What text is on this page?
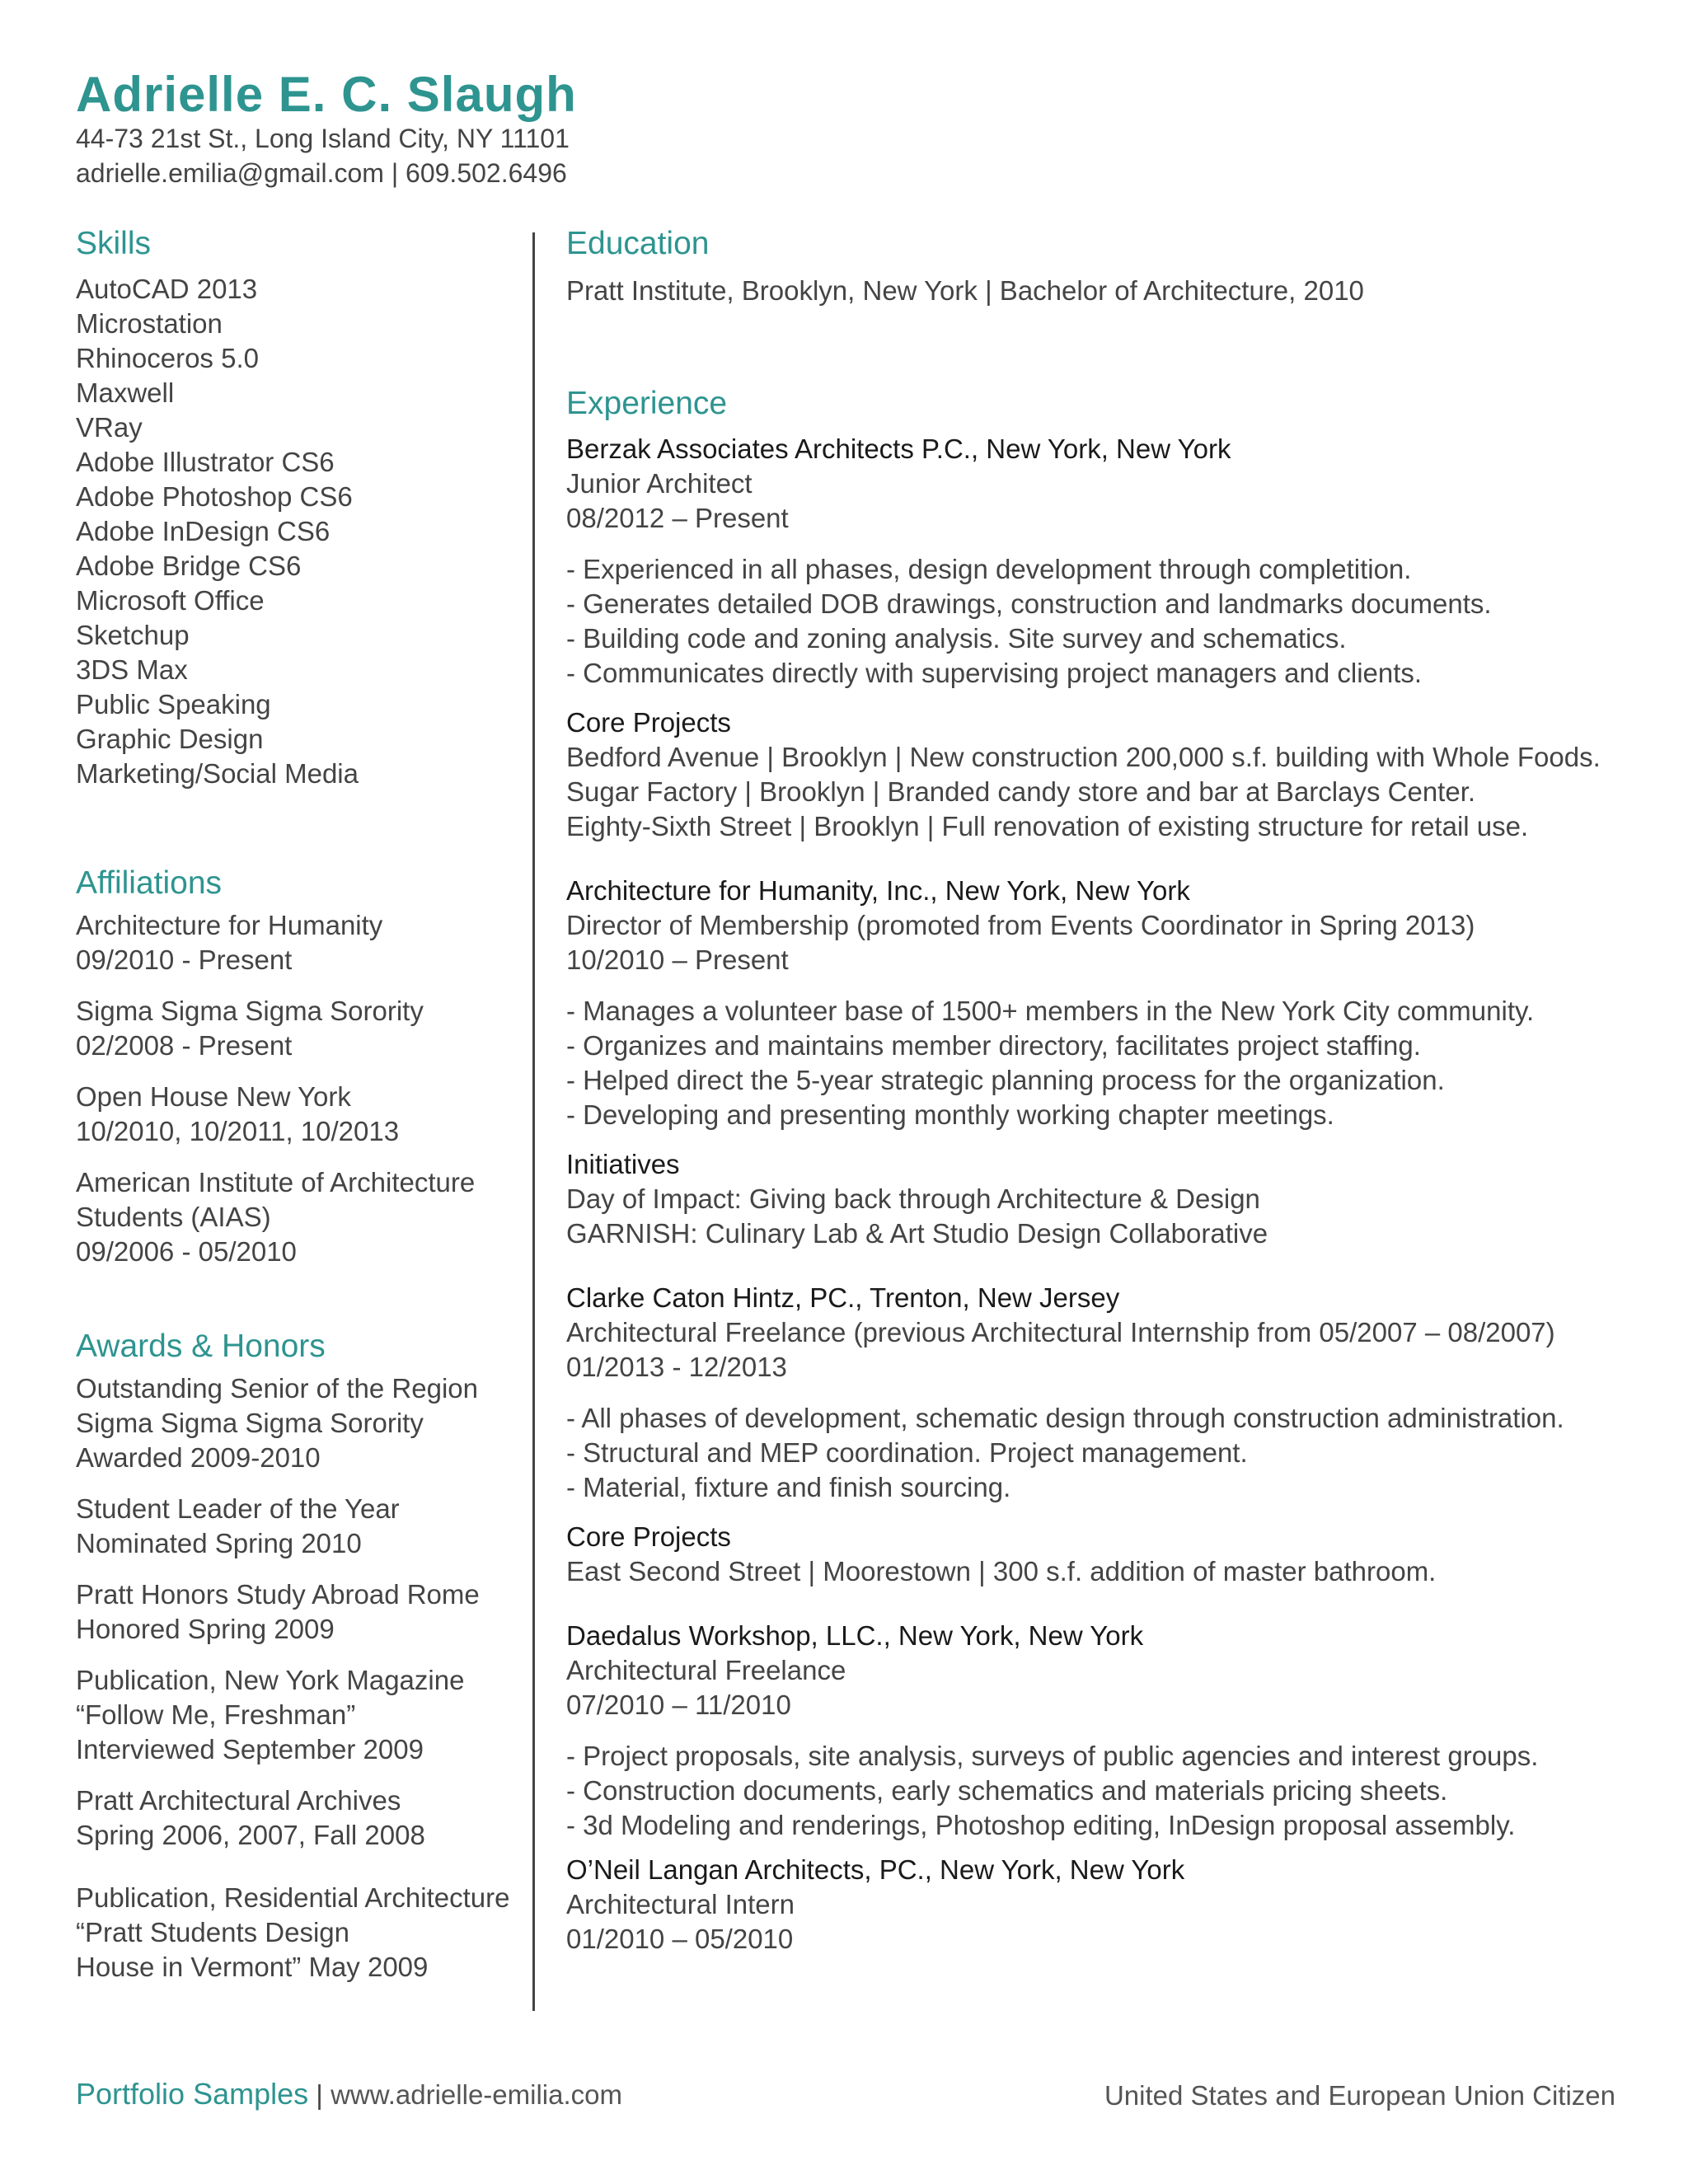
Adrielle E. C. Slaugh
44-73 21st St., Long Island City, NY 11101
adrielle.emilia@gmail.com | 609.502.6496
Skills
AutoCAD 2013
Microstation
Rhinoceros 5.0
Maxwell
VRay
Adobe Illustrator CS6
Adobe Photoshop CS6
Adobe InDesign CS6
Adobe Bridge CS6
Microsoft Office
Sketchup
3DS Max
Public Speaking
Graphic Design
Marketing/Social Media
Affiliations
Architecture for Humanity
09/2010 - Present
Sigma Sigma Sigma Sorority
02/2008 - Present
Open House New York
10/2010, 10/2011, 10/2013
American Institute of Architecture
Students (AIAS)
09/2006 - 05/2010
Awards & Honors
Outstanding Senior of the Region
Sigma Sigma Sigma Sorority
Awarded 2009-2010
Student Leader of the Year
Nominated Spring 2010
Pratt Honors Study Abroad Rome
Honored Spring 2009
Publication, New York Magazine
“Follow Me, Freshman”
Interviewed September 2009
Pratt Architectural Archives
Spring 2006, 2007, Fall 2008
Publication, Residential Architecture
“Pratt Students Design
House in Vermont” May 2009
Education
Pratt Institute, Brooklyn, New York | Bachelor of Architecture, 2010
Experience
Berzak Associates Architects P.C., New York, New York
Junior Architect
08/2012 – Present
- Experienced in all phases, design development through completition.
- Generates detailed DOB drawings, construction and landmarks documents.
- Building code and zoning analysis. Site survey and schematics.
- Communicates directly with supervising project managers and clients.
Core Projects
Bedford Avenue | Brooklyn | New construction 200,000 s.f. building with Whole Foods.
Sugar Factory | Brooklyn | Branded candy store and bar at Barclays Center.
Eighty-Sixth Street | Brooklyn | Full renovation of existing structure for retail use.
Architecture for Humanity, Inc., New York, New York
Director of Membership (promoted from Events Coordinator in Spring 2013)
10/2010 – Present
- Manages a volunteer base of 1500+ members in the New York City community.
- Organizes and maintains member directory, facilitates project staffing.
- Helped direct the 5-year strategic planning process for the organization.
- Developing and presenting monthly working chapter meetings.
Initiatives
Day of Impact: Giving back through Architecture & Design
GARNISH: Culinary Lab & Art Studio Design Collaborative
Clarke Caton Hintz, PC., Trenton, New Jersey
Architectural Freelance (previous Architectural Internship from 05/2007 – 08/2007)
01/2013 - 12/2013
- All phases of development, schematic design through construction administration.
- Structural and MEP coordination. Project management.
- Material, fixture and finish sourcing.
Core Projects
East Second Street | Moorestown | 300 s.f. addition of master bathroom.
Daedalus Workshop, LLC., New York, New York
Architectural Freelance
07/2010 – 11/2010
- Project proposals, site analysis, surveys of public agencies and interest groups.
- Construction documents, early schematics and materials pricing sheets.
- 3d Modeling and renderings, Photoshop editing, InDesign proposal assembly.
O’Neil Langan Architects, PC., New York, New York
Architectural Intern
01/2010 – 05/2010
Portfolio Samples | www.adrielle-emilia.com	United States and European Union Citizen
